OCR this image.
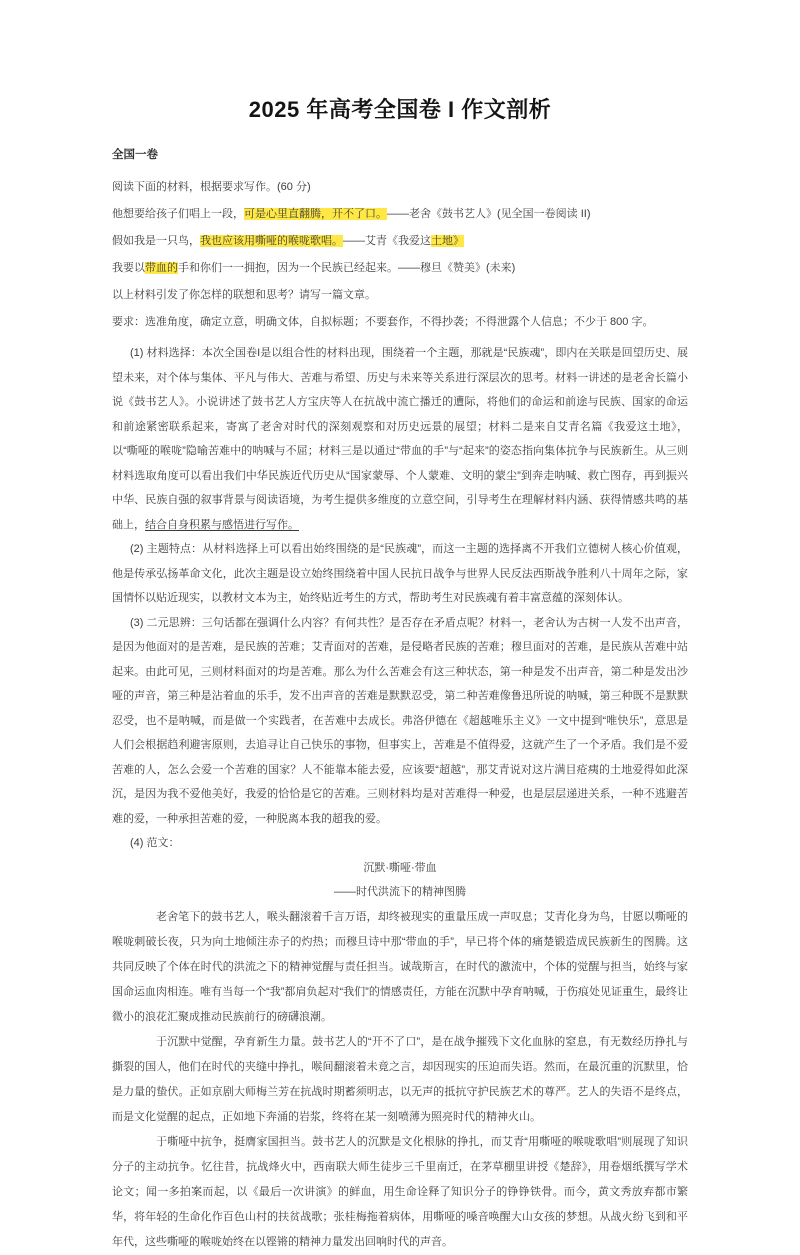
2025 年高考全国卷 I 作文剖析

全国一卷

阅读下面的材料，根据要求写作。(60 分)

他想要给孩子们唱上一段，可是心里直翻腾，开不了口。——老舍《鼓书艺人》(见全国一卷阅读 II)

假如我是一只鸟，我也应该用嘶哑的喉咙歌唱。——艾青《我爱这土地》

我要以带血的手和你们一一拥抱，因为一个民族已经起来。——穆旦《赞美》(未来)

以上材料引发了你怎样的联想和思考？请写一篇文章。

要求：选准角度，确定立意，明确文体，自拟标题；不要套作，不得抄袭；不得泄露个人信息；不少于 800 字。

(1) 材料选择：本次全国卷I是以组合性的材料出现，围绕着一个主题，那就是“民族魂”，即内在关联是回望历史、展望未来，对个体与集体、平凡与伟大、苦难与希望、历史与未来等关系进行深层次的思考。材料一讲述的是老舍长篇小说《鼓书艺人》。小说讲述了鼓书艺人方宝庆等人在抗战中流亡播迁的遭际，将他们的命运和前途与民族、国家的命运和前途紧密联系起来，寄寓了老舍对时代的深刻观察和对历史远景的展望；材料二是来自艾青名篇《我爱这土地》，以“嘶哑的喉咙”隐喻苦难中的呐喊与不屈；材料三是以通过“带血的手”与“起来”的姿态指向集体抗争与民族新生。从三则材料选取角度可以看出我们中华民族近代历史从“国家蒙辱、个人蒙难、文明的蒙尘”到奔走呐喊、救亡图存，再到振兴中华、民族自强的叙事背景与阅读语境，为考生提供多维度的立意空间，引导考生在理解材料内涵、获得情感共鸣的基础上，结合自身积累与感悟进行写作。

(2) 主题特点：从材料选择上可以看出始终围绕的是“民族魂”，而这一主题的选择离不开我们立德树人核心价值观，他是传承弘扬革命文化，此次主题是设立始终围绕着中国人民抗日战争与世界人民反法西斯战争胜利八十周年之际，家国情怀以贴近现实，以教材文本为主，始终贴近考生的方式，帮助考生对民族魂有着丰富意蕴的深刻体认。

(3) 二元思辨：三句话都在强调什么内容？有何共性？是否存在矛盾点呢？材料一，老舍认为古树一人发不出声音，是因为他面对的是苦难，是民族的苦难；艾青面对的苦难，是侵略者民族的苦难；穆旦面对的苦难，是民族从苦难中站起来。由此可见，三则材料面对的均是苦难。那么为什么苦难会有这三种状态，第一种是发不出声音，第二种是发出沙哑的声音，第三种是沾着血的乐手，发不出声音的苦难是默默忍受，第二种苦难像鲁迅所说的呐喊，第三种既不是默默忍受，也不是呐喊，而是做一个实践者，在苦难中去成长。弗洛伊德在《超越唯乐主义》一文中提到“唯快乐”，意思是人们会根据趋利避害原则，去追寻让自己快乐的事物，但事实上，苦难是不值得爱，这就产生了一个矛盾。我们是不爱苦难的人，怎么会爱一个苦难的国家？人不能靠本能去爱，应该要“超越”，那艾青说对这片满目疮痍的土地爱得如此深沉，是因为我不爱他美好，我爱的恰恰是它的苦难。三则材料均是对苦难得一种爱，也是层层递进关系，一种不逃避苦难的爱，一种承担苦难的爱，一种脱离本我的超我的爱。

(4) 范文：

沉默·嘶哑·带血

——时代洪流下的精神图腾

老舍笔下的鼓书艺人，喉头翻滚着千言万语，却终被现实的重量压成一声叹息；艾青化身为鸟，甘愿以嘶哑的喉咙刺破长夜，只为向土地倾注赤子的灼热；而穆旦诗中那“带血的手”，早已将个体的痛楚锻造成民族新生的图腾。这共同反映了个体在时代的洪流之下的精神觉醒与责任担当。诚哉斯言，在时代的激流中，个体的觉醒与担当，始终与家国命运血肉相连。唯有当每一个“我”都肩负起对“我们”的情感责任，方能在沉默中孕育呐喊，于伤痕处见证重生，最终让微小的浪花汇聚成推动民族前行的磅礴浪潮。

于沉默中觉醒，孕育新生力量。鼓书艺人的“开不了口”，是在战争摧残下文化血脉的窒息，有无数经历挣扎与撕裂的国人，他们在时代的夹缝中挣扎，喉间翻滚着未竟之言，却因现实的压迫而失语。然而，在最沉重的沉默里，恰是力量的蛰伏。正如京剧大师梅兰芳在抗战时期蓄须明志，以无声的抵抗守护民族艺术的尊严。艺人的失语不是终点，而是文化觉醒的起点，正如地下奔涌的岩浆，终将在某一刻喷薄为照亮时代的精神火山。

于嘶哑中抗争，挺膺家国担当。鼓书艺人的沉默是文化根脉的挣扎，而艾青“用嘶哑的喉咙歌唱”则展现了知识分子的主动抗争。忆往昔，抗战烽火中，西南联大师生徒步三千里南迁，在茅草棚里讲授《楚辞》，用卷烟纸撰写学术论文；闻一多拍案而起，以《最后一次讲演》的鲜血，用生命诠释了知识分子的铮铮铁骨。而今，黄文秀放弃都市繁华，将年轻的生命化作百色山村的扶贫战歌；张桂梅拖着病体，用嘶哑的嗓音唤醒大山女孩的梦想。从战火纷飞到和平年代，这些嘶哑的喉咙始终在以铿锵的精神力量发出回响时代的声音。
